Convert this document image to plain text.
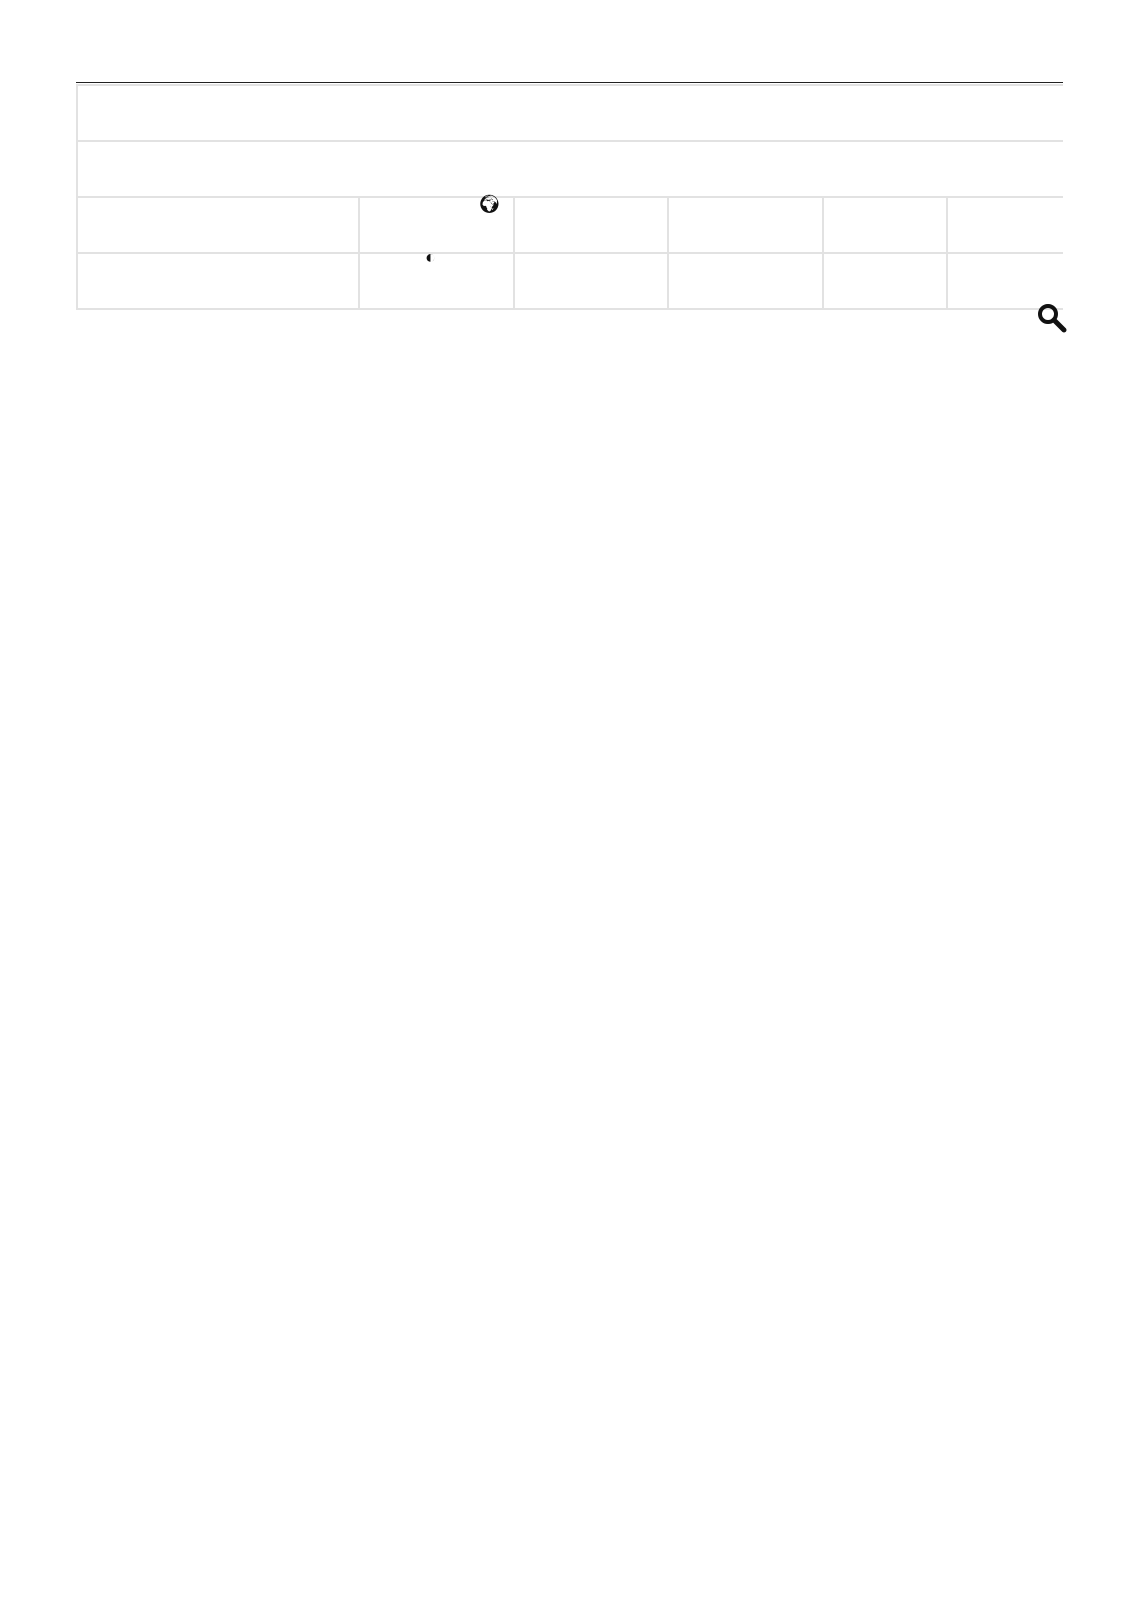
🌍︎
◐
